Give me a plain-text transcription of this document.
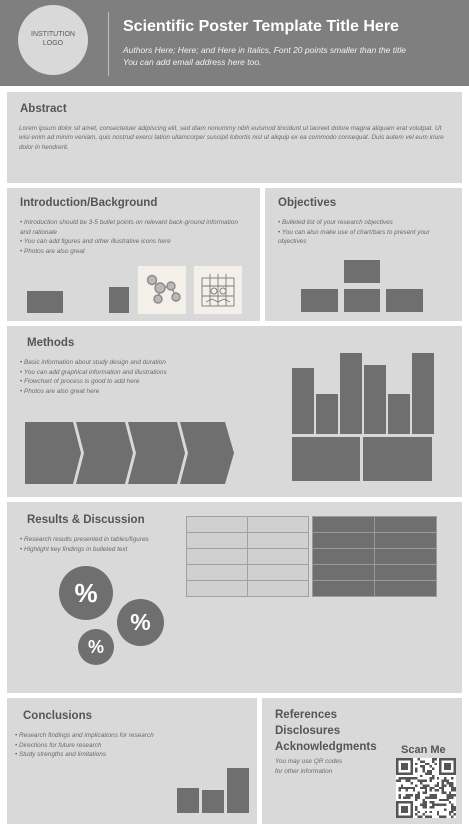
INSTITUTION
LOGO
Scientific Poster Template Title Here
Authors Here; Here; and Here in Italics, Font 20 points smaller than the title
You can add email address here too.
Abstract
Lorem ipsum dolor sit amet, consectetuer adipiscing elit, sed diam nonummy nibh euismod tincidunt ut laoreet dolore magna aliquam erat volutpat. Ut wisi enim ad minim veniam, quis nostrud exerci tation ullamcorper suscipit lobortis nisl ut aliquip ex ea commodo consequat. Duis autem vel eum iriure dolor in hendrerit.
Introduction/Background
• Introduction should be 3-5 bullet points on relevant back-ground information and rationale
• You can add figures and other illustrative icons here
• Photos are also great
Objectives
• Bulleted list of your research objectives
• You can also make use of chart/bars to present your objectives
Methods
• Basic information about study design and duration
• You can add graphical information and illustrations
• Flowchart of process is good to add here
• Photos are also great here
Results & Discussion
• Research results presented in tables/figures
• Highlight key findings in bulleted text
%
%
%
Conclusions
• Research findings and implications for research
• Directions for future research
• Study strengths and limitations
References
Disclosures
Acknowledgments
You may use QR codes
for other information
Scan Me
